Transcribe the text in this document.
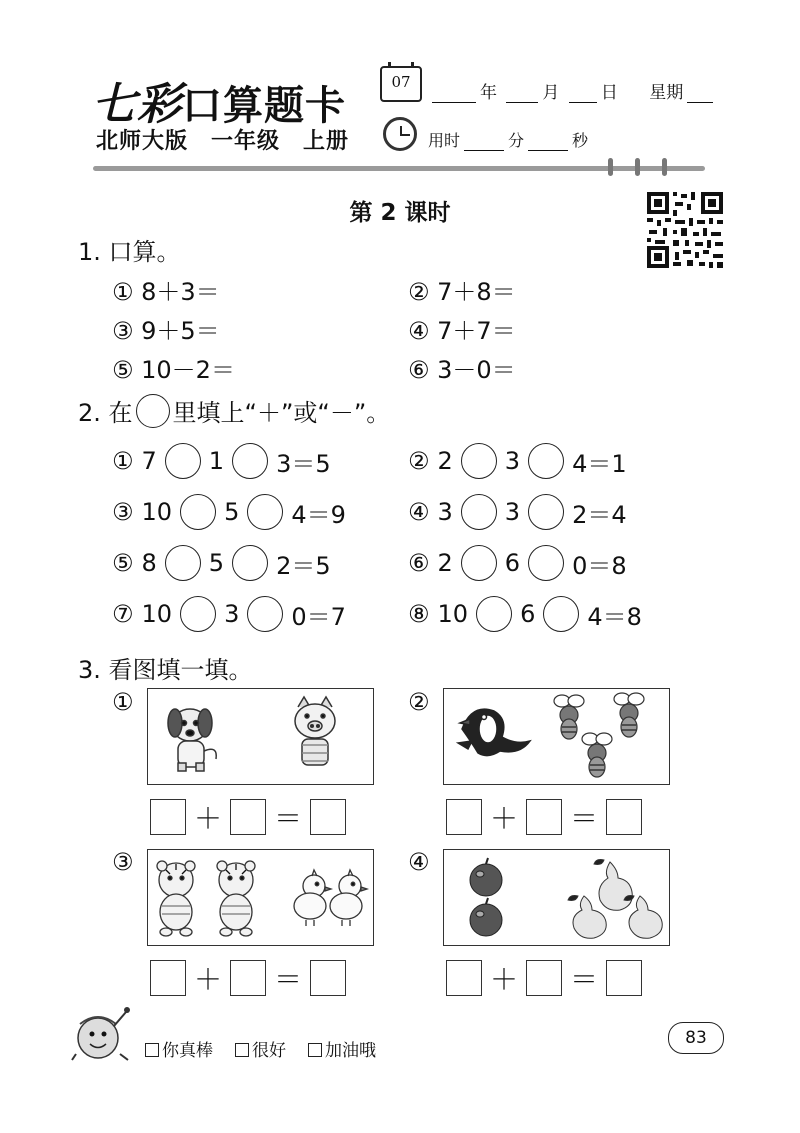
七彩口算题卡	07
年	月 日 星期
北师大版　一年级　上册	用时	分	秒
第 2 课时
1. 口算。
① 8＋3＝	② 7＋8＝
③ 9＋5＝	④ 7＋7＝
⑤ 10－2＝	⑥ 3－0＝
2. 在 里填上“＋”或“－”。
① 7 1 3＝5	② 2 3 4＝1
③ 10 5 4＝9	④ 3 3 2＝4
⑤ 8 5 2＝5	⑥ 2 6 0＝8
⑦ 10 3 0＝7	⑧ 10 6 4＝8
3. 看图填一填。
①
＋ ＝
②
＋ ＝
③
＋ ＝
④
＋ ＝
你真棒	很好	加油哦
83
